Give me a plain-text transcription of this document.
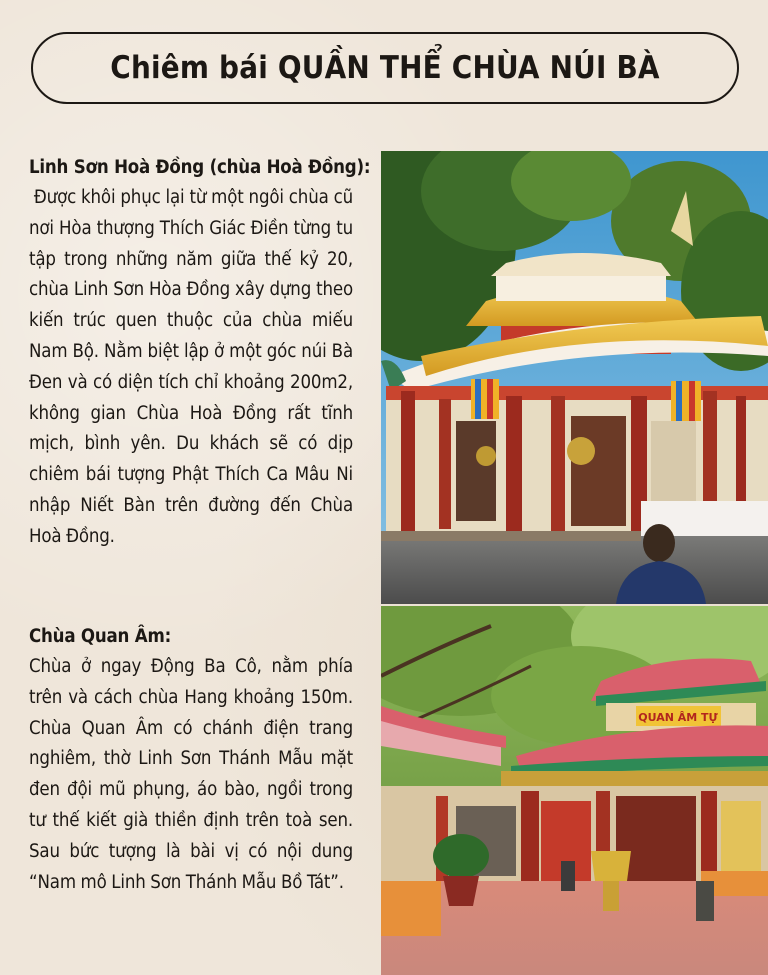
Chiêm bái QUẦN THỂ CHÙA NÚI BÀ
Linh Sơn Hoà Đồng (chùa Hoà Đồng):
Được khôi phục lại từ một ngôi chùa cũ nơi Hòa thượng Thích Giác Điền từng tu tập trong những năm giữa thế kỷ 20, chùa Linh Sơn Hòa Đồng xây dựng theo kiến trúc quen thuộc của chùa miếu Nam Bộ. Nằm biệt lập ở một góc núi Bà Đen và có diện tích chỉ khoảng 200m2, không gian Chùa Hoà Đồng rất tĩnh mịch, bình yên. Du khách sẽ có dịp chiêm bái tượng Phật Thích Ca Mâu Ni nhập Niết Bàn trên đường đến Chùa Hoà Đồng.
Chùa Quan Âm:
Chùa ở ngay Động Ba Cô, nằm phía trên và cách chùa Hang khoảng 150m. Chùa Quan Âm có chánh điện trang nghiêm, thờ Linh Sơn Thánh Mẫu mặt đen đội mũ phụng, áo bào, ngồi trong tư thế kiết già thiền định trên toà sen. Sau bức tượng là bài vị có nội dung “Nam mô Linh Sơn Thánh Mẫu Bồ Tát”.
QUAN ÂM TỰ
